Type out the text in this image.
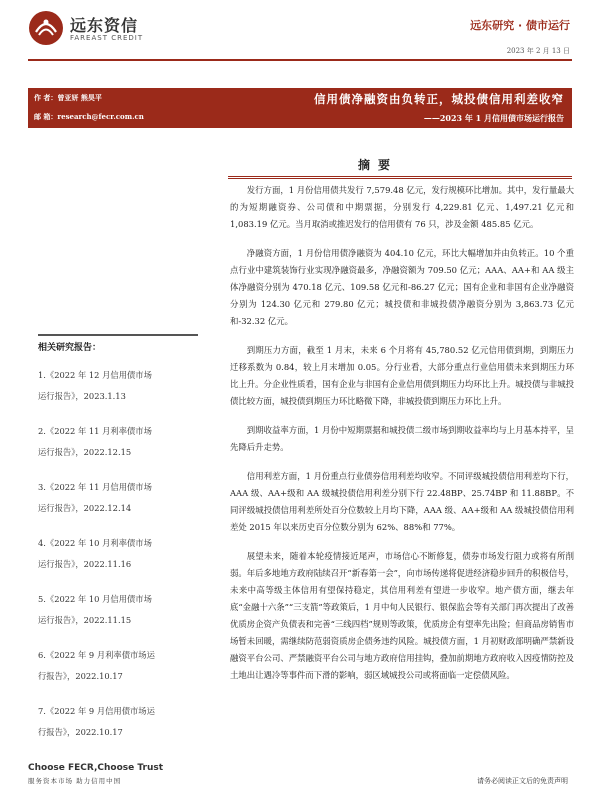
远东资信
FAREAST CREDIT
远东研究 · 债市运行
2023 年 2 月 13 日
作 者：曾亚妍 熊昊平
邮 箱：research@fecr.com.cn
信用债净融资由负转正，城投债信用利差收窄
——2023 年 1 月信用债市场运行报告
摘要
相关研究报告：
1.《2022 年 12 月信用债市场
运行报告》，2023.1.13
2.《2022 年 11 月利率债市场
运行报告》，2022.12.15
3.《2022 年 11 月信用债市场
运行报告》，2022.12.14
4.《2022 年 10 月利率债市场
运行报告》，2022.11.16
5.《2022 年 10 月信用债市场
运行报告》，2022.11.15
6.《2022 年 9 月利率债市场运
行报告》，2022.10.17
7.《2022 年 9 月信用债市场运
行报告》，2022.10.17

发行方面，1 月份信用债共发行 7,579.48 亿元，发行规模环比增加。其中，发行量最大的为短期融资券、公司债和中期票据，分别发行 4,229.81 亿元、1,497.21 亿元和 1,083.19 亿元。当月取消或推迟发行的信用债有 76 只，涉及金额 485.85 亿元。

净融资方面，1 月份信用债净融资为 404.10 亿元，环比大幅增加并由负转正。10 个重点行业中建筑装饰行业实现净融资最多，净融资额为 709.50 亿元；AAA、AA+和 AA 级主体净融资分别为 470.18 亿元、109.58 亿元和-86.27 亿元；国有企业和非国有企业净融资分别为 124.30 亿元和 279.80 亿元；城投债和非城投债净融资分别为 3,863.73 亿元和-32.32 亿元。

到期压力方面，截至 1 月末，未来 6 个月将有 45,780.52 亿元信用债到期，到期压力迁移系数为 0.84，较上月末增加 0.05。分行业看，大部分重点行业信用债未来到期压力环比上升。分企业性质看，国有企业与非国有企业信用债到期压力均环比上升。城投债与非城投债比较方面，城投债到期压力环比略微下降，非城投债到期压力环比上升。

到期收益率方面，1 月份中短期票据和城投债二级市场到期收益率均与上月基本持平，呈先降后升走势。

信用利差方面，1 月份重点行业债券信用利差均收窄。不同评级城投债信用利差均下行，AAA 级、AA+级和 AA 级城投债信用利差分别下行 22.48BP、25.74BP 和 11.88BP。不同评级城投债信用利差所处百分位数较上月均下降，AAA 级、AA+级和 AA 级城投债信用利差处 2015 年以来历史百分位数分别为 62%、88%和 77%。

展望未来，随着本轮疫情接近尾声，市场信心不断修复，债券市场发行阻力或将有所削弱。年后多地地方政府陆续召开“新春第一会”，向市场传递将促进经济稳步回升的积极信号，未来中高等级主体信用有望保持稳定，其信用利差有望进一步收窄。地产债方面，继去年底“金融十六条”“三支箭”等政策后，1 月中旬人民银行、银保监会等有关部门再次提出了改善优质房企资产负债表和完善“三线四档”规则等政策，优质房企有望率先出险；但商品房销售市场暂未回暖，需继续防范弱资质房企债务违约风险。城投债方面，1 月初财政部明确严禁新设融资平台公司、严禁融资平台公司与地方政府信用挂钩，叠加前期地方政府收入因疫情防控及土地出让遇冷等事件而下滑的影响，弱区域城投公司或将面临一定偿债风险。

Choose FECR,Choose Trust
服务资本市场 助力信用中国	请务必阅读正文后的免责声明
